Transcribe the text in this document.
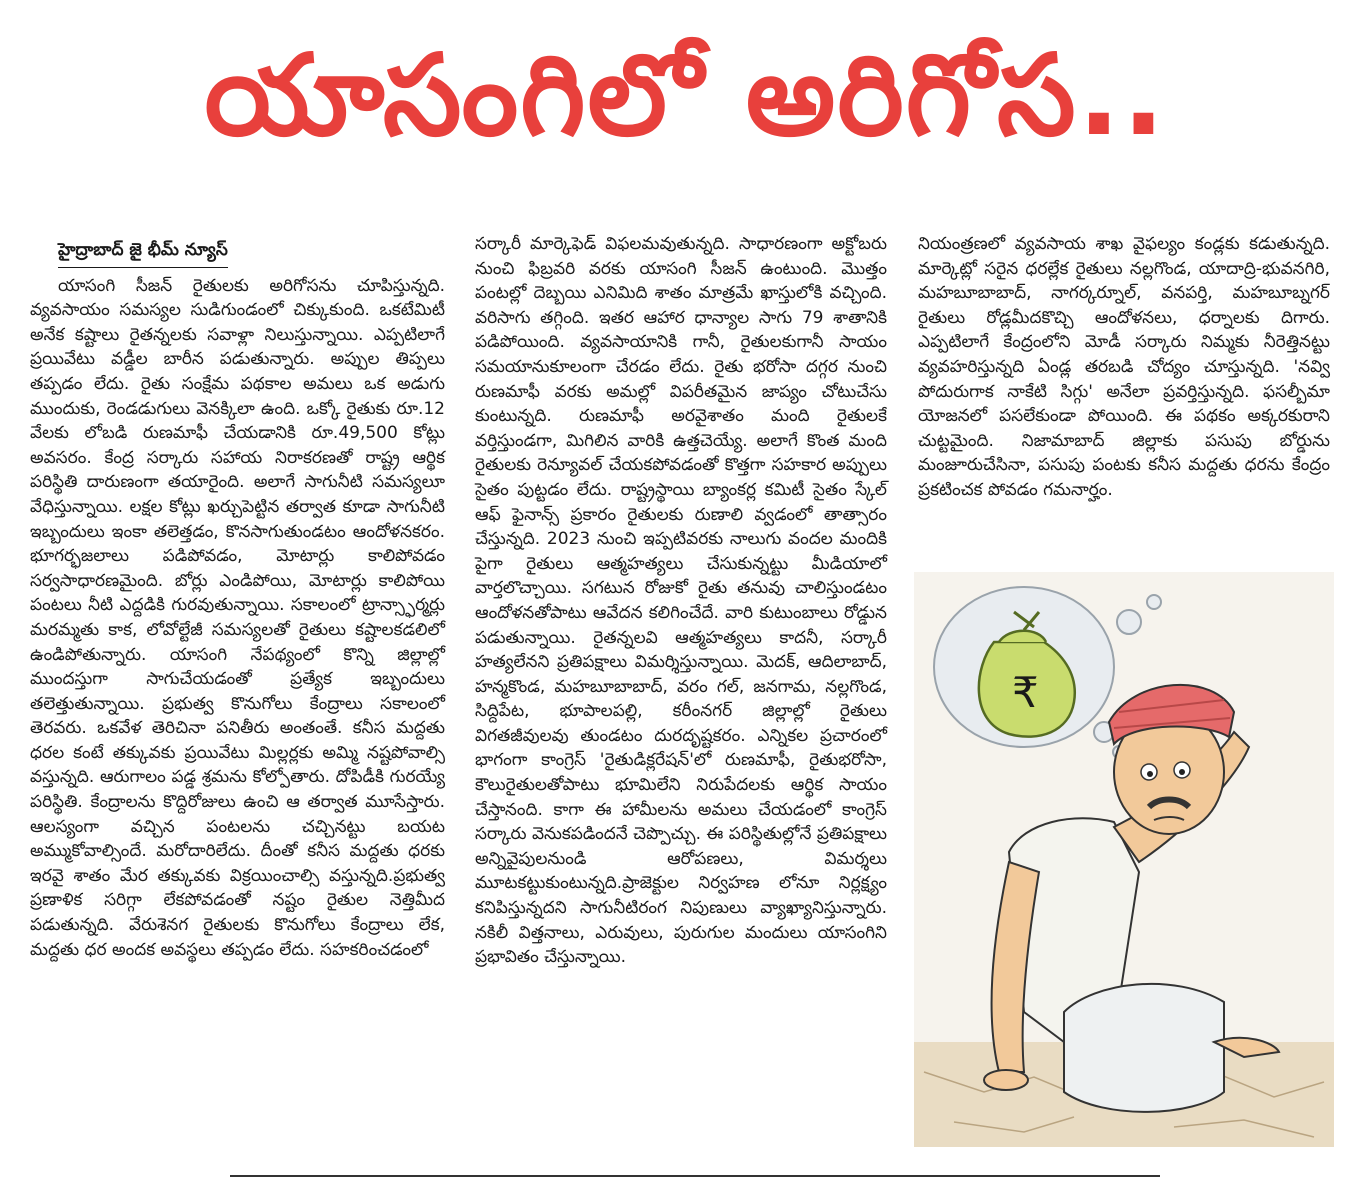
యాసంగిలో అరిగోస..
హైద్రాబాద్ జై భీమ్ న్యూస్

యాసంగి సీజన్ రైతులకు అరిగోసను చూపిస్తున్నది. వ్యవసాయం సమస్యల సుడిగుండంలో చిక్కుకుంది. ఒకటేమిటీ అనేక కష్టాలు రైతన్నలకు సవాళ్లా నిలుస్తున్నాయి. ఎప్పటిలాగే ప్రయివేటు వడ్డీల బారీన పడుతున్నారు. అప్పుల తిప్పలు తప్పడం లేదు. రైతు సంక్షేమ పథకాల అమలు ఒక అడుగు ముందుకు, రెండడుగులు వెనక్కిలా ఉంది. ఒక్కో రైతుకు రూ.12 వేలకు లోబడి రుణమాఫీ చేయడానికి రూ.49,500 కోట్లు అవసరం. కేంద్ర సర్కారు సహాయ నిరాకరణతో రాష్ట్ర ఆర్థిక పరిస్థితి దారుణంగా తయారైంది. అలాగే సాగునీటి సమస్యలూ వేధిస్తున్నాయి. లక్షల కోట్లు ఖర్చుపెట్టిన తర్వాత కూడా సాగునీటి ఇబ్బందులు ఇంకా తలెత్తడం, కొనసాగుతుండటం ఆందోళనకరం. భూగర్భజలాలు పడిపోవడం, మోటార్లు కాలిపోవడం సర్వసాధారణమైంది. బోర్లు ఎండిపోయి, మోటార్లు కాలిపోయి పంటలు నీటి ఎద్దడికి గురవుతున్నాయి. సకాలంలో ట్రాన్స్ఫార్మర్లు మరమ్మతు కాక, లోవోల్టేజీ సమస్యలతో రైతులు కష్టాలకడలిలో ఉండిపోతున్నారు. యాసంగి నేపథ్యంలో కొన్ని జిల్లాల్లో ముందస్తుగా సాగుచేయడంతో ప్రత్యేక ఇబ్బందులు తలెత్తుతున్నాయి. ప్రభుత్వ కొనుగోలు కేంద్రాలు సకాలంలో తెరవరు. ఒకవేళ తెరిచినా పనితీరు అంతంతే. కనీస మద్దతు ధరల కంటే తక్కువకు ప్రయివేటు మిల్లర్లకు అమ్మి నష్టపోవాల్సి వస్తున్నది. ఆరుగాలం పడ్డ శ్రమను కోల్పోతారు. దోపిడీకి గురయ్యే పరిస్థితి. కేంద్రాలను కొద్దిరోజులు ఉంచి ఆ తర్వాత మూసేస్తారు. ఆలస్యంగా వచ్చిన పంటలను చచ్చినట్టు బయట అమ్ముకోవాల్సిందే. మరోదారిలేదు. దీంతో కనీస మద్దతు ధరకు ఇరవై శాతం మేర తక్కువకు విక్రయించాల్సి వస్తున్నది.ప్రభుత్వ ప్రణాళిక సరిగ్గా లేకపోవడంతో నష్టం రైతుల నెత్తిమీద పడుతున్నది. వేరుశెనగ రైతులకు కొనుగోలు కేంద్రాలు లేక, మద్దతు ధర అందక అవస్థలు తప్పడం లేదు. సహకరించడంలో

సర్కారీ మార్కెఫెడ్ విఫలమవుతున్నది. సాధారణంగా అక్టోబరు నుంచి ఫిబ్రవరి వరకు యాసంగి సీజన్ ఉంటుంది. మొత్తం పంటల్లో దెబ్బయి ఎనిమిది శాతం మాత్రమే ఖాస్తులోకి వచ్చింది. వరిసాగు తగ్గింది. ఇతర ఆహార ధాన్యాల సాగు 79 శాతానికి పడిపోయింది. వ్యవసాయానికి గానీ, రైతులకుగానీ సాయం సమయానుకూలంగా చేరడం లేదు. రైతు భరోసా దగ్గర నుంచి రుణమాఫీ వరకు అమల్లో విపరీతమైన జాప్యం చోటుచేసు కుంటున్నది. రుణమాఫీ అరవైశాతం మంది రైతులకే వర్తిస్తుండగా, మిగిలిన వారికి ఉత్తచెయ్యే. అలాగే కొంత మంది రైతులకు రెన్యూవల్ చేయకపోవడంతో కొత్తగా సహకార అప్పులు సైతం పుట్టడం లేదు. రాష్ట్రస్థాయి బ్యాంకర్ల కమిటీ సైతం స్కేల్ ఆఫ్ ఫైనాన్స్ ప్రకారం రైతులకు రుణాలి వ్వడంలో తాత్సారం చేస్తున్నది. 2023 నుంచి ఇప్పటివరకు నాలుగు వందల మందికి పైగా రైతులు ఆత్మహత్యలు చేసుకున్నట్టు మీడియాలో వార్తలొచ్చాయి. సగటున రోజుకో రైతు తనువు చాలిస్తుండటం ఆందోళనతోపాటు ఆవేదన కలిగించేదే. వారి కుటుంబాలు రోడ్డున పడుతున్నాయి. రైతన్నలవి ఆత్మహత్యలు కాదనీ, సర్కారీ హత్యలేనని ప్రతిపక్షాలు విమర్శిస్తున్నాయి. మెదక్, ఆదిలాబాద్, హన్మకొండ, మహబూబాబాద్, వరం గల్, జనగామ, నల్లగొండ, సిద్దిపేట, భూపాలపల్లి, కరీంనగర్ జిల్లాల్లో రైతులు విగతజీవులవు తుండటం దురదృష్టకరం. ఎన్నికల ప్రచారంలో భాగంగా కాంగ్రెస్ 'రైతుడిక్లరేషన్'లో రుణమాఫీ, రైతుభరోసా, కౌలురైతులతోపాటు భూమిలేని నిరుపేదలకు ఆర్థిక సాయం చేస్తానంది. కాగా ఈ హామీలను అమలు చేయడంలో కాంగ్రెస్ సర్కారు వెనుకపడిందనే చెప్పొచ్చు. ఈ పరిస్థితుల్లోనే ప్రతిపక్షాలు అన్నివైపులనుండి ఆరోపణలు, విమర్శలు మూటకట్టుకుంటున్నది.ప్రాజెక్టుల నిర్వహణ లోనూ నిర్లక్ష్యం కనిపిస్తున్నదని సాగునీటిరంగ నిపుణులు వ్యాఖ్యానిస్తున్నారు. నకిలీ విత్తనాలు, ఎరువులు, పురుగుల మందులు యాసంగిని ప్రభావితం చేస్తున్నాయి.

నియంత్రణలో వ్యవసాయ శాఖ వైఫల్యం కండ్లకు కడుతున్నది. మార్కెట్లో సరైన ధరల్లేక రైతులు నల్లగొండ, యాదాద్రి-భువనగిరి, మహబూబాబాద్, నాగర్కర్నూల్, వనపర్తి, మహబూబ్నగర్ రైతులు రోడ్లమీదకొచ్చి ఆందోళనలు, ధర్నాలకు దిగారు. ఎప్పటిలాగే కేంద్రంలోని మోడీ సర్కారు నిమ్మకు నీరెత్తినట్టు వ్యవహరిస్తున్నది ఏండ్ల తరబడి చోద్యం చూస్తున్నది. 'నవ్వి పోదురుగాక నాకేటి సిగ్గు' అనేలా ప్రవర్తిస్తున్నది. ఫసల్బీమా యోజనలో పసలేకుండా పోయింది. ఈ పథకం అక్కరకురాని చుట్టమైంది. నిజామాబాద్ జిల్లాకు పసుపు బోర్డును మంజూరుచేసినా, పసుపు పంటకు కనీస మద్దతు ధరను కేంద్రం ప్రకటించక పోవడం గమనార్హం.

₹
